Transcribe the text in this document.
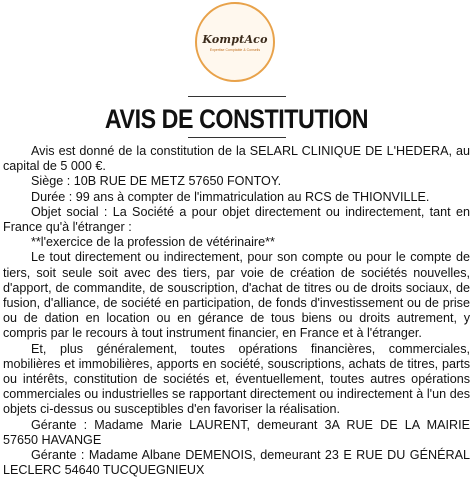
KomptAco
Expertise Comptable & Conseils
AVIS DE CONSTITUTION

Avis est donné de la constitution de la SELARL CLINIQUE DE L'HEDERA, au capital de 5 000 €.

Siège : 10B RUE DE METZ 57650 FONTOY.

Durée : 99 ans à compter de l'immatriculation au RCS de THIONVILLE.

Objet social : La Société a pour objet directement ou indirectement, tant en France qu'à l'étranger :

**l'exercice de la profession de vétérinaire**

Le tout directement ou indirectement, pour son compte ou pour le compte de tiers, soit seule soit avec des tiers, par voie de création de sociétés nouvelles, d'apport, de commandite, de souscription, d'achat de titres ou de droits sociaux, de fusion, d'alliance, de société en participation, de fonds d'investissement ou de prise ou de dation en location ou en gérance de tous biens ou droits autrement, y compris par le recours à tout instrument financier, en France et à l'étranger.

Et, plus généralement, toutes opérations financières, commerciales, mobilières et immobilières, apports en société, souscriptions, achats de titres, parts ou intérêts, constitution de sociétés et, éventuellement, toutes autres opérations commerciales ou industrielles se rapportant directement ou indirectement à l'un des objets ci-dessus ou susceptibles d'en favoriser la réalisation.

Gérante : Madame Marie LAURENT, demeurant 3A RUE DE LA MAIRIE 57650 HAVANGE

Gérante : Madame Albane DEMENOIS, demeurant 23 E RUE DU GÉNÉRAL LECLERC 54640 TUCQUEGNIEUX
